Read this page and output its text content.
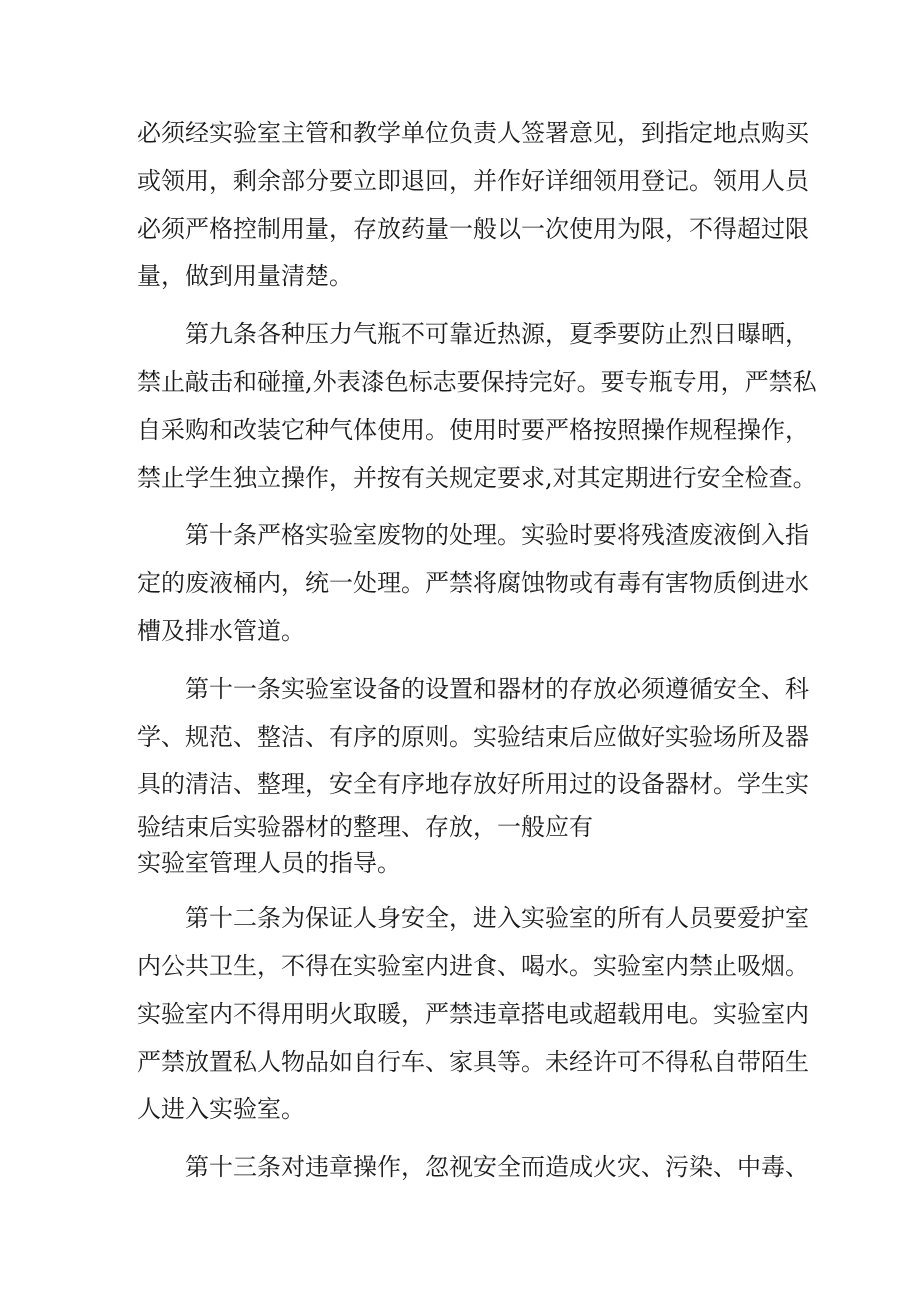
必须经实验室主管和教学单位负责人签署意见，到指定地点购买
或领用，剩余部分要立即退回，并作好详细领用登记。领用人员
必须严格控制用量，存放药量一般以一次使用为限，不得超过限
量，做到用量清楚。
第九条各种压力气瓶不可靠近热源，夏季要防止烈日曝晒，
禁止敲击和碰撞,外表漆色标志要保持完好。要专瓶专用，严禁私
自采购和改装它种气体使用。使用时要严格按照操作规程操作，
禁止学生独立操作，并按有关规定要求,对其定期进行安全检查。
第十条严格实验室废物的处理。实验时要将残渣废液倒入指
定的废液桶内，统一处理。严禁将腐蚀物或有毒有害物质倒进水
槽及排水管道。
第十一条实验室设备的设置和器材的存放必须遵循安全、科
学、规范、整洁、有序的原则。实验结束后应做好实验场所及器
具的清洁、整理，安全有序地存放好所用过的设备器材。学生实
验结束后实验器材的整理、存放，一般应有
实验室管理人员的指导。
第十二条为保证人身安全，进入实验室的所有人员要爱护室
内公共卫生，不得在实验室内进食、喝水。实验室内禁止吸烟。
实验室内不得用明火取暖，严禁违章搭电或超载用电。实验室内
严禁放置私人物品如自行车、家具等。未经许可不得私自带陌生
人进入实验室。
第十三条对违章操作，忽视安全而造成火灾、污染、中毒、
